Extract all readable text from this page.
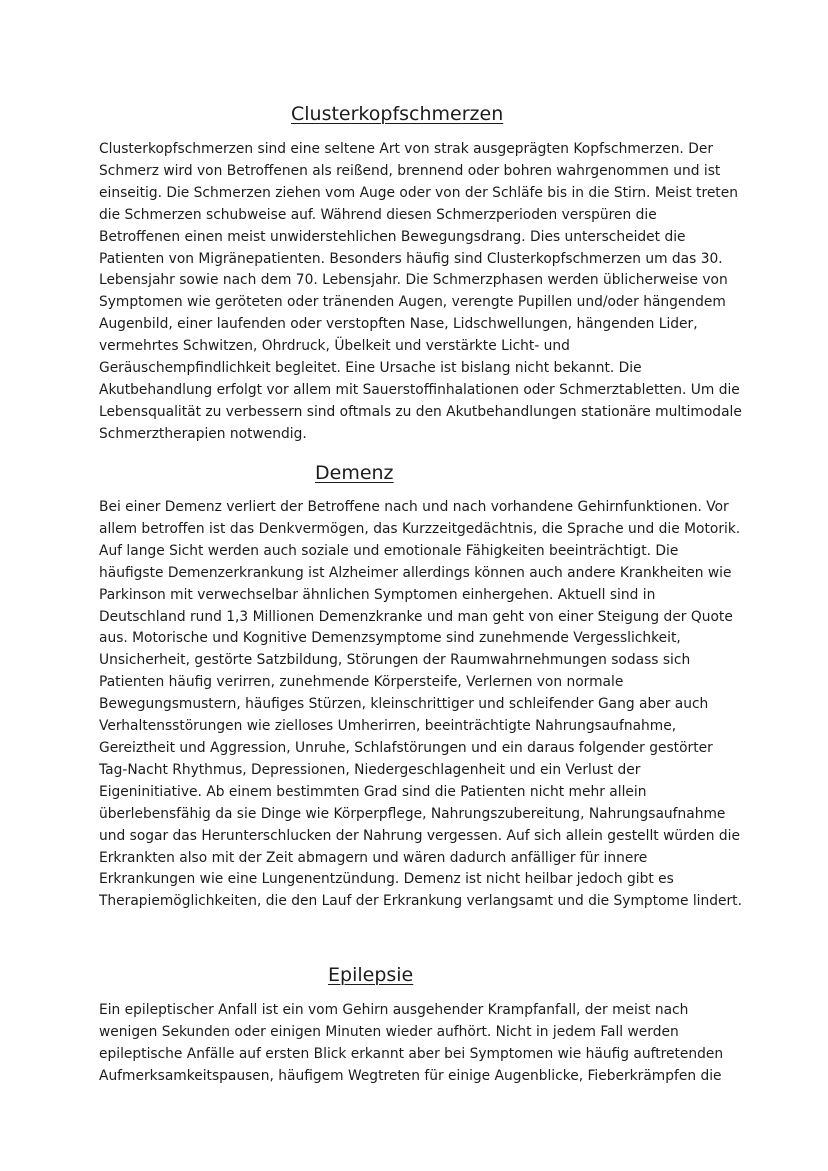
Clusterkopfschmerzen

Clusterkopfschmerzen sind eine seltene Art von strak ausgeprägten Kopfschmerzen. Der
Schmerz wird von Betroffenen als reißend, brennend oder bohren wahrgenommen und ist
einseitig. Die Schmerzen ziehen vom Auge oder von der Schläfe bis in die Stirn. Meist treten
die Schmerzen schubweise auf. Während diesen Schmerzperioden verspüren die
Betroffenen einen meist unwiderstehlichen Bewegungsdrang. Dies unterscheidet die
Patienten von Migränepatienten. Besonders häufig sind Clusterkopfschmerzen um das 30.
Lebensjahr sowie nach dem 70. Lebensjahr. Die Schmerzphasen werden üblicherweise von
Symptomen wie geröteten oder tränenden Augen, verengte Pupillen und/oder hängendem
Augenbild, einer laufenden oder verstopften Nase, Lidschwellungen, hängenden Lider,
vermehrtes Schwitzen, Ohrdruck, Übelkeit und verstärkte Licht- und
Geräuschempfindlichkeit begleitet. Eine Ursache ist bislang nicht bekannt. Die
Akutbehandlung erfolgt vor allem mit Sauerstoffinhalationen oder Schmerztabletten. Um die
Lebensqualität zu verbessern sind oftmals zu den Akutbehandlungen stationäre multimodale
Schmerztherapien notwendig.

Demenz

Bei einer Demenz verliert der Betroffene nach und nach vorhandene Gehirnfunktionen. Vor
allem betroffen ist das Denkvermögen, das Kurzzeitgedächtnis, die Sprache und die Motorik.
Auf lange Sicht werden auch soziale und emotionale Fähigkeiten beeinträchtigt. Die
häufigste Demenzerkrankung ist Alzheimer allerdings können auch andere Krankheiten wie
Parkinson mit verwechselbar ähnlichen Symptomen einhergehen. Aktuell sind in
Deutschland rund 1,3 Millionen Demenzkranke und man geht von einer Steigung der Quote
aus. Motorische und Kognitive Demenzsymptome sind zunehmende Vergesslichkeit,
Unsicherheit, gestörte Satzbildung, Störungen der Raumwahrnehmungen sodass sich
Patienten häufig verirren, zunehmende Körpersteife, Verlernen von normale
Bewegungsmustern, häufiges Stürzen, kleinschrittiger und schleifender Gang aber auch
Verhaltensstörungen wie zielloses Umherirren, beeinträchtigte Nahrungsaufnahme,
Gereiztheit und Aggression, Unruhe, Schlafstörungen und ein daraus folgender gestörter
Tag-Nacht Rhythmus, Depressionen, Niedergeschlagenheit und ein Verlust der
Eigeninitiative. Ab einem bestimmten Grad sind die Patienten nicht mehr allein
überlebensfähig da sie Dinge wie Körperpflege, Nahrungszubereitung, Nahrungsaufnahme
und sogar das Herunterschlucken der Nahrung vergessen. Auf sich allein gestellt würden die
Erkrankten also mit der Zeit abmagern und wären dadurch anfälliger für innere
Erkrankungen wie eine Lungenentzündung. Demenz ist nicht heilbar jedoch gibt es
Therapiemöglichkeiten, die den Lauf der Erkrankung verlangsamt und die Symptome lindert.

Epilepsie

Ein epileptischer Anfall ist ein vom Gehirn ausgehender Krampfanfall, der meist nach
wenigen Sekunden oder einigen Minuten wieder aufhört. Nicht in jedem Fall werden
epileptische Anfälle auf ersten Blick erkannt aber bei Symptomen wie häufig auftretenden
Aufmerksamkeitspausen, häufigem Wegtreten für einige Augenblicke, Fieberkrämpfen die
